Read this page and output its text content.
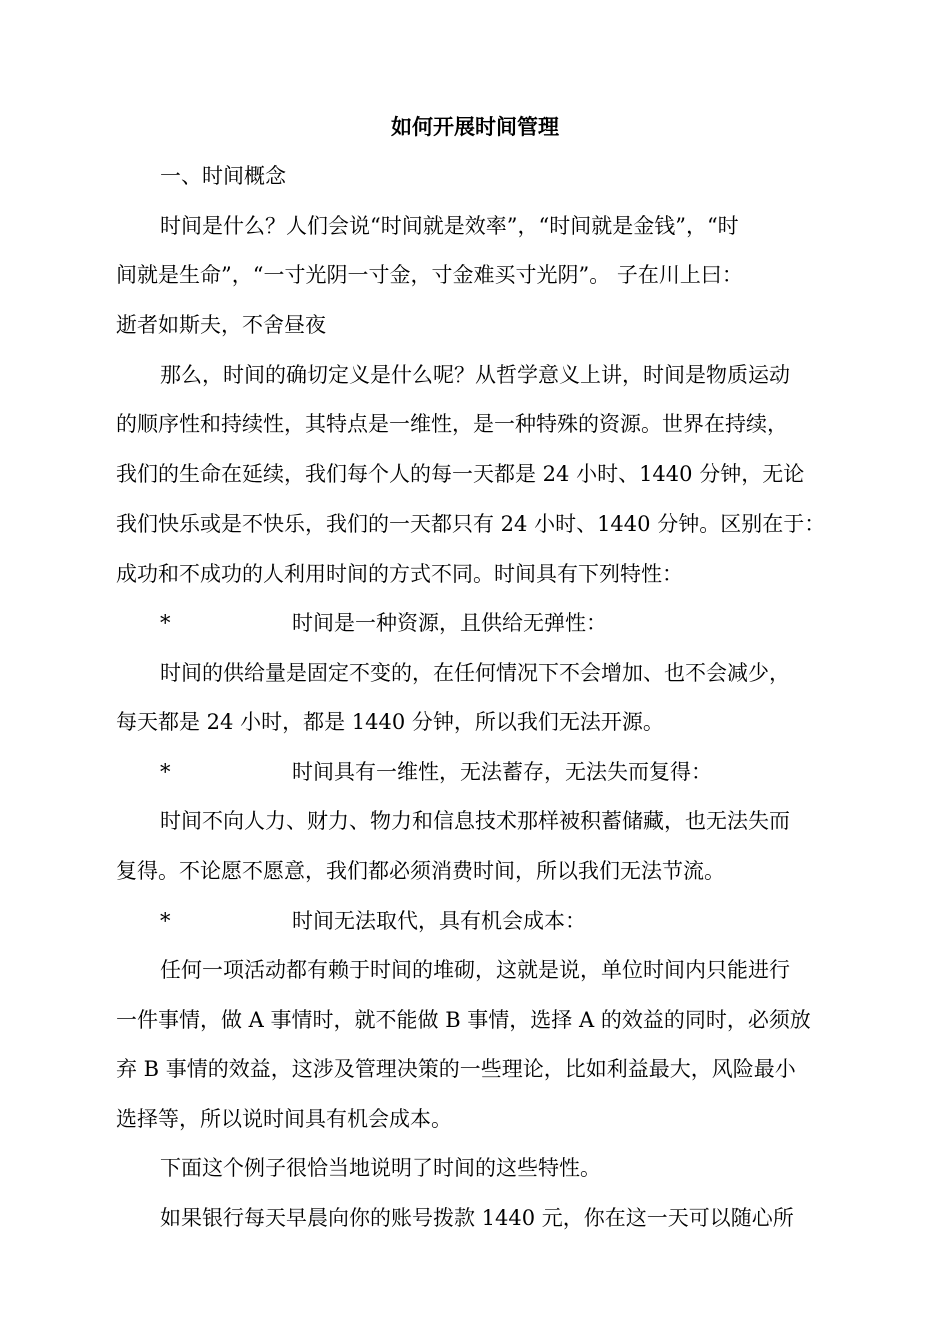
如何开展时间管理
一、时间概念
时间是什么？人们会说“时间就是效率”，“时间就是金钱”，“时
间就是生命”，“一寸光阴一寸金，寸金难买寸光阴”。 子在川上曰：
逝者如斯夫，不舍昼夜
那么，时间的确切定义是什么呢？从哲学意义上讲，时间是物质运动
的顺序性和持续性，其特点是一维性，是一种特殊的资源。世界在持续，
我们的生命在延续，我们每个人的每一天都是 24 小时、1440 分钟，无论
我们快乐或是不快乐，我们的一天都只有 24 小时、1440 分钟。区别在于：
成功和不成功的人利用时间的方式不同。时间具有下列特性：
*	时间是一种资源，且供给无弹性：
时间的供给量是固定不变的，在任何情况下不会增加、也不会减少，
每天都是 24 小时，都是 1440 分钟，所以我们无法开源。
*	时间具有一维性，无法蓄存，无法失而复得：
时间不向人力、财力、物力和信息技术那样被积蓄储藏，也无法失而
复得。不论愿不愿意，我们都必须消费时间，所以我们无法节流。
*	时间无法取代，具有机会成本：
任何一项活动都有赖于时间的堆砌，这就是说，单位时间内只能进行
一件事情，做 A 事情时，就不能做 B 事情，选择 A 的效益的同时，必须放
弃 B 事情的效益，这涉及管理决策的一些理论，比如利益最大，风险最小
选择等，所以说时间具有机会成本。
下面这个例子很恰当地说明了时间的这些特性。
如果银行每天早晨向你的账号拨款 1440 元，你在这一天可以随心所
